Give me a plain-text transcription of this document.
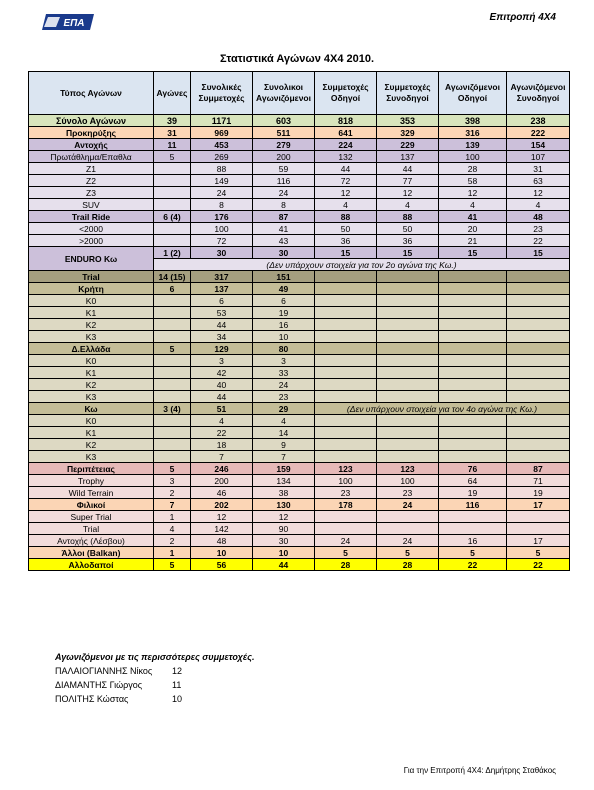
ΕΠΑ
Επιτροπή 4Χ4
Στατιστικά Αγώνων 4Χ4 2010.
Τύπος Αγώνων	Αγώνες	Συνολικές Συμμετοχές	Συνολικοι Αγωνιζόμενοι	Συμμετοχές Οδηγοί	Συμμετοχές Συνοδηγοί	Αγωνιζόμενοι Οδηγοί	Αγωνιζόμενοι Συνοδηγοί
Σύνολο Αγώνων	39	1171	603	818	353	398	238
Προκηρύξης	31	969	511	641	329	316	222
Αντοχής	11	453	279	224	229	139	154
Πρωτάθλημα/Επαθλα	5	269	200	132	137	100	107
Ζ1		88	59	44	44	28	31
Ζ2		149	116	72	77	58	63
Ζ3		24	24	12	12	12	12
SUV		8	8	4	4	4	4
Trail Ride	6 (4)	176	87	88	88	41	48
<2000		100	41	50	50	20	23
>2000		72	43	36	36	21	22
ENDURO Κω	1 (2)	30	30	15	15	15	15
	(Δεν υπάρχουν στοιχεία για τον 2ο αγώνα της Κω.)						
Trial	14 (15)	317	151				
Κρήτη	6	137	49				
Κ0		6	6				
Κ1		53	19				
Κ2		44	16				
Κ3		34	10				
Δ.Ελλάδα	5	129	80				
Κ0		3	3				
Κ1		42	33				
Κ2		40	24				
Κ3		44	23				
Κω	3 (4)	51	29	(Δεν υπάρχουν στοιχεία για τον 4ο αγώνα της Κω.)			
Κ0		4	4				
Κ1		22	14				
Κ2		18	9				
Κ3		7	7				
Περιπέτειας	5	246	159	123	123	76	87
Trophy	3	200	134	100	100	64	71
Wild Terrain	2	46	38	23	23	19	19
Φιλικοί	7	202	130	178	24	116	17
Super Trial	1	12	12				
Trial	4	142	90				
Αντοχής (Λέσβου)	2	48	30	24	24	16	17
Άλλοι (Balkan)	1	10	10	5	5	5	5
Αλλοδαποί	5	56	44	28	28	22	22
Αγωνιζόμενοι με τις περισσότερες συμμετοχές.
ΠΑΛΑΙΟΓΙΑΝΝΗΣ Νίκος 12
ΔΙΑΜΑΝΤΗΣ Γιώργος	11
ΠΟΛΙΤΗΣ Κώστας	10
Για την Επιτροπή 4Χ4: Δημήτρης Σταθάκος
